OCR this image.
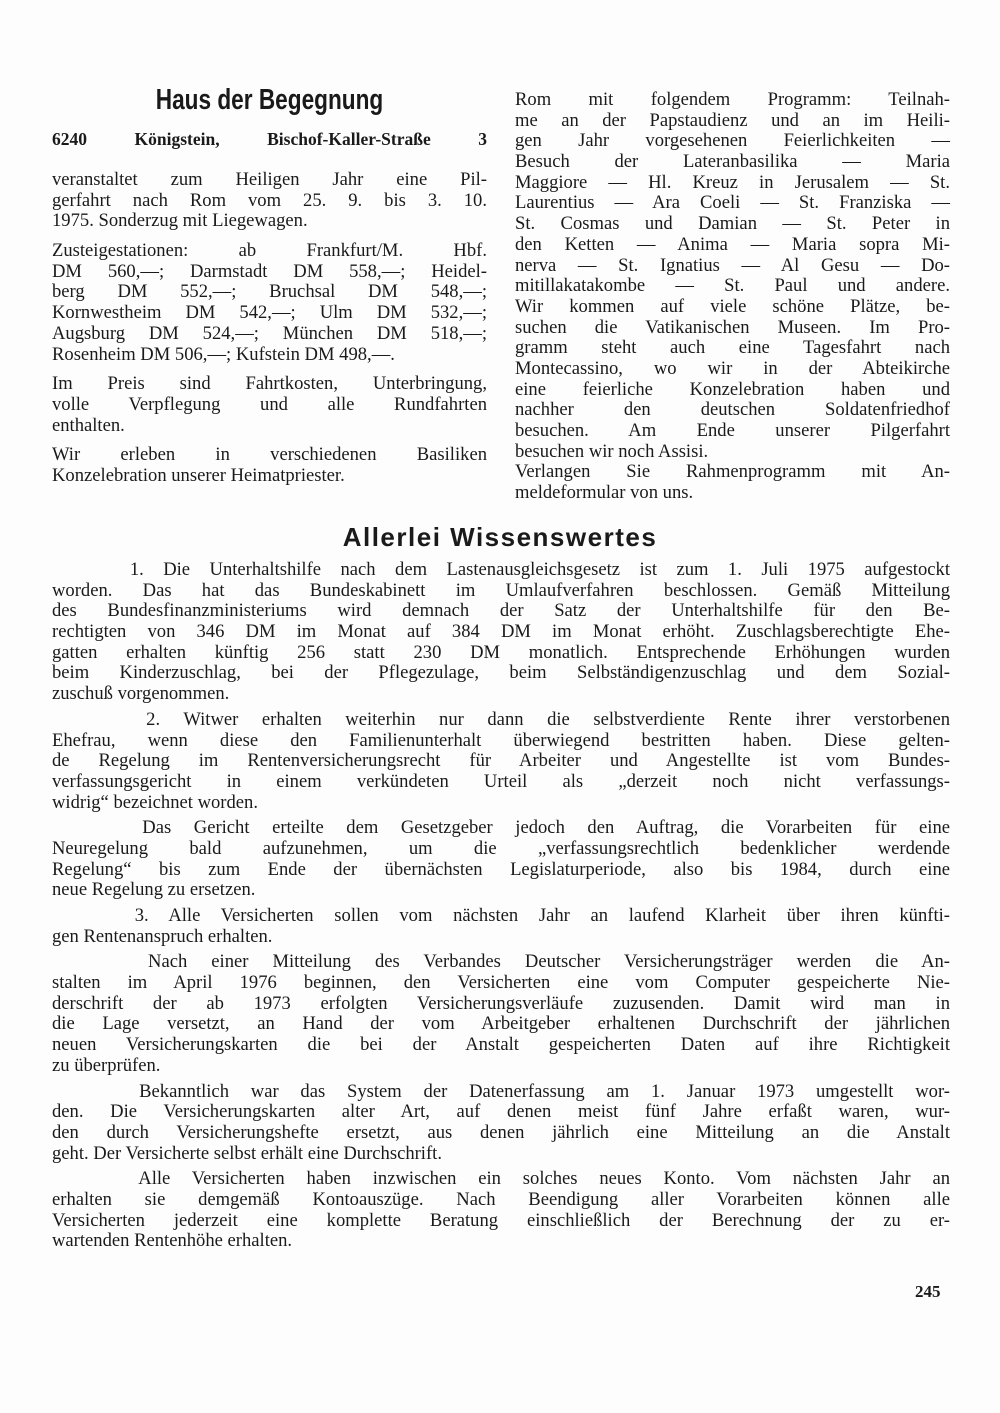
Haus der Begegnung
6240 Königstein, Bischof-Kaller-Straße 3
veranstaltet zum Heiligen Jahr eine Pil-
gerfahrt nach Rom vom 25. 9. bis 3. 10.
1975. Sonderzug mit Liegewagen.
Zusteigestationen: ab Frankfurt/M. Hbf.
DM 560,—; Darmstadt DM 558,—; Heidel-
berg DM 552,—; Bruchsal DM 548,—;
Kornwestheim DM 542,—; Ulm DM 532,—;
Augsburg DM 524,—; München DM 518,—;
Rosenheim DM 506,—; Kufstein DM 498,—.
Im Preis sind Fahrtkosten, Unterbringung,
volle Verpflegung und alle Rundfahrten
enthalten.
Wir erleben in verschiedenen Basiliken
Konzelebration unserer Heimatpriester.
Rom mit folgendem Programm: Teilnah-
me an der Papstaudienz und an im Heili-
gen Jahr vorgesehenen Feierlichkeiten —
Besuch der Lateranbasilika — Maria
Maggiore — Hl. Kreuz in Jerusalem — St.
Laurentius — Ara Coeli — St. Franziska —
St. Cosmas und Damian — St. Peter in
den Ketten — Anima — Maria sopra Mi-
nerva — St. Ignatius — Al Gesu — Do-
mitillakatakombe — St. Paul und andere.
Wir kommen auf viele schöne Plätze, be-
suchen die Vatikanischen Museen. Im Pro-
gramm steht auch eine Tagesfahrt nach
Montecassino, wo wir in der Abteikirche
eine feierliche Konzelebration haben und
nachher den deutschen Soldatenfriedhof
besuchen. Am Ende unserer Pilgerfahrt
besuchen wir noch Assisi.
Verlangen Sie Rahmenprogramm mit An-
meldeformular von uns.
Allerlei Wissenswertes
1. Die Unterhaltshilfe nach dem Lastenausgleichsgesetz ist zum 1. Juli 1975 aufgestockt
worden. Das hat das Bundeskabinett im Umlaufverfahren beschlossen. Gemäß Mitteilung
des Bundesfinanzministeriums wird demnach der Satz der Unterhaltshilfe für den Be-
rechtigten von 346 DM im Monat auf 384 DM im Monat erhöht. Zuschlagsberechtigte Ehe-
gatten erhalten künftig 256 statt 230 DM monatlich. Entsprechende Erhöhungen wurden
beim Kinderzuschlag, bei der Pflegezulage, beim Selbständigenzuschlag und dem Sozial-
zuschuß vorgenommen.
2. Witwer erhalten weiterhin nur dann die selbstverdiente Rente ihrer verstorbenen
Ehefrau, wenn diese den Familienunterhalt überwiegend bestritten haben. Diese gelten-
de Regelung im Rentenversicherungsrecht für Arbeiter und Angestellte ist vom Bundes-
verfassungsgericht in einem verkündeten Urteil als „derzeit noch nicht verfassungs-
widrig“ bezeichnet worden.
Das Gericht erteilte dem Gesetzgeber jedoch den Auftrag, die Vorarbeiten für eine
Neuregelung bald aufzunehmen, um die „verfassungsrechtlich bedenklicher werdende
Regelung“ bis zum Ende der übernächsten Legislaturperiode, also bis 1984, durch eine
neue Regelung zu ersetzen.
3. Alle Versicherten sollen vom nächsten Jahr an laufend Klarheit über ihren künfti-
gen Rentenanspruch erhalten.
Nach einer Mitteilung des Verbandes Deutscher Versicherungsträger werden die An-
stalten im April 1976 beginnen, den Versicherten eine vom Computer gespeicherte Nie-
derschrift der ab 1973 erfolgten Versicherungsverläufe zuzusenden. Damit wird man in
die Lage versetzt, an Hand der vom Arbeitgeber erhaltenen Durchschrift der jährlichen
neuen Versicherungskarten die bei der Anstalt gespeicherten Daten auf ihre Richtigkeit
zu überprüfen.
Bekanntlich war das System der Datenerfassung am 1. Januar 1973 umgestellt wor-
den. Die Versicherungskarten alter Art, auf denen meist fünf Jahre erfaßt waren, wur-
den durch Versicherungshefte ersetzt, aus denen jährlich eine Mitteilung an die Anstalt
geht. Der Versicherte selbst erhält eine Durchschrift.
Alle Versicherten haben inzwischen ein solches neues Konto. Vom nächsten Jahr an
erhalten sie demgemäß Kontoauszüge. Nach Beendigung aller Vorarbeiten können alle
Versicherten jederzeit eine komplette Beratung einschließlich der Berechnung der zu er-
wartenden Rentenhöhe erhalten.
245
